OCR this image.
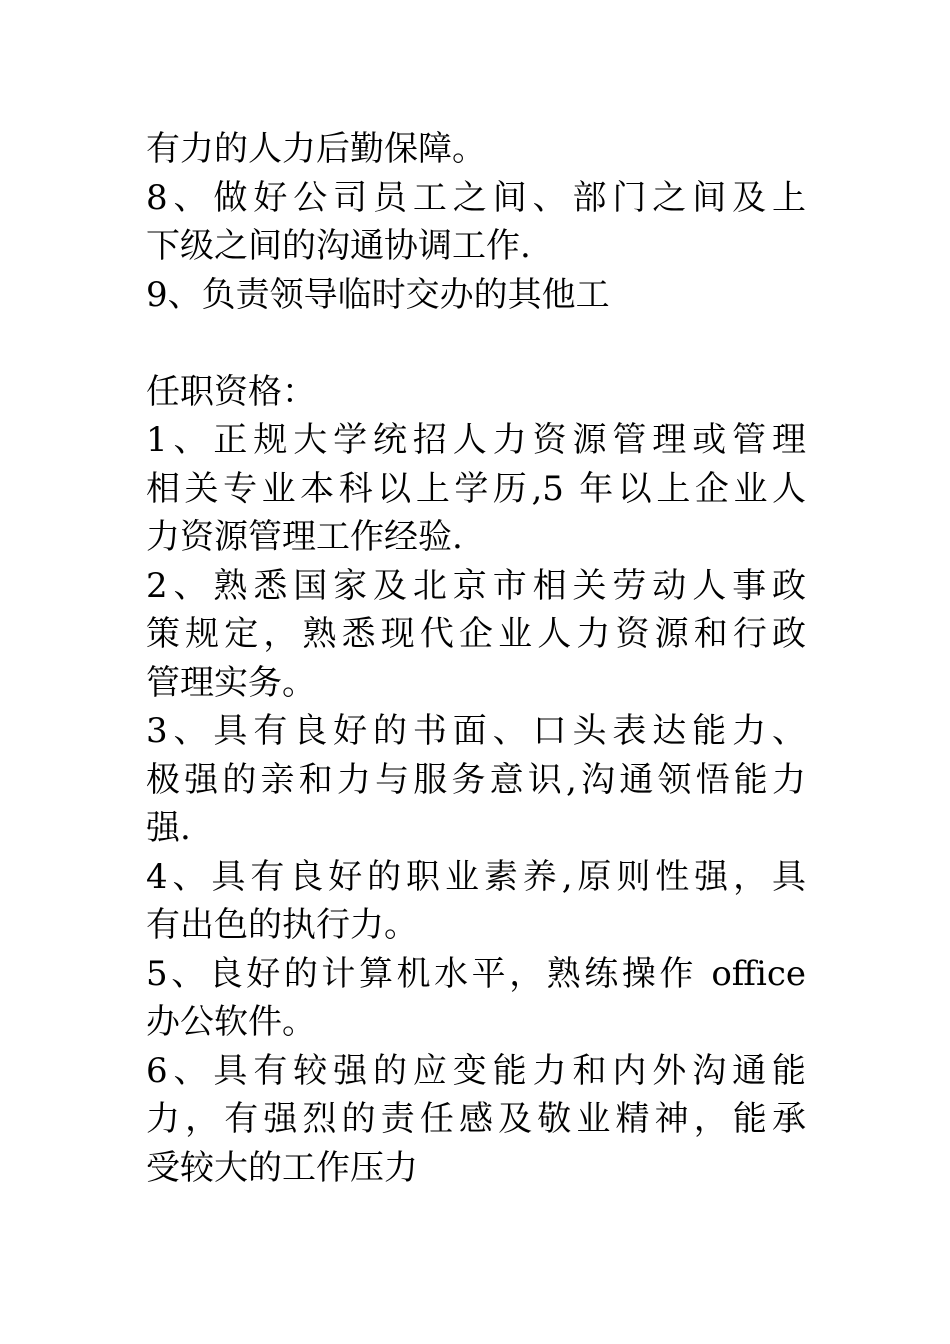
有力的人力后勤保障。
8、做好公司员工之间、部门之间及上
下级之间的沟通协调工作.
9、负责领导临时交办的其他工
任职资格：
1、正规大学统招人力资源管理或管理
相关专业本科以上学历,5 年以上企业人
力资源管理工作经验.
2、熟悉国家及北京市相关劳动人事政
策规定，熟悉现代企业人力资源和行政
管理实务。
3、具有良好的书面、口头表达能力、
极强的亲和力与服务意识,沟通领悟能力
强.
4、具有良好的职业素养,原则性强，具
有出色的执行力。
5、良好的计算机水平，熟练操作 office
办公软件。
6、具有较强的应变能力和内外沟通能
力，有强烈的责任感及敬业精神，能承
受较大的工作压力
